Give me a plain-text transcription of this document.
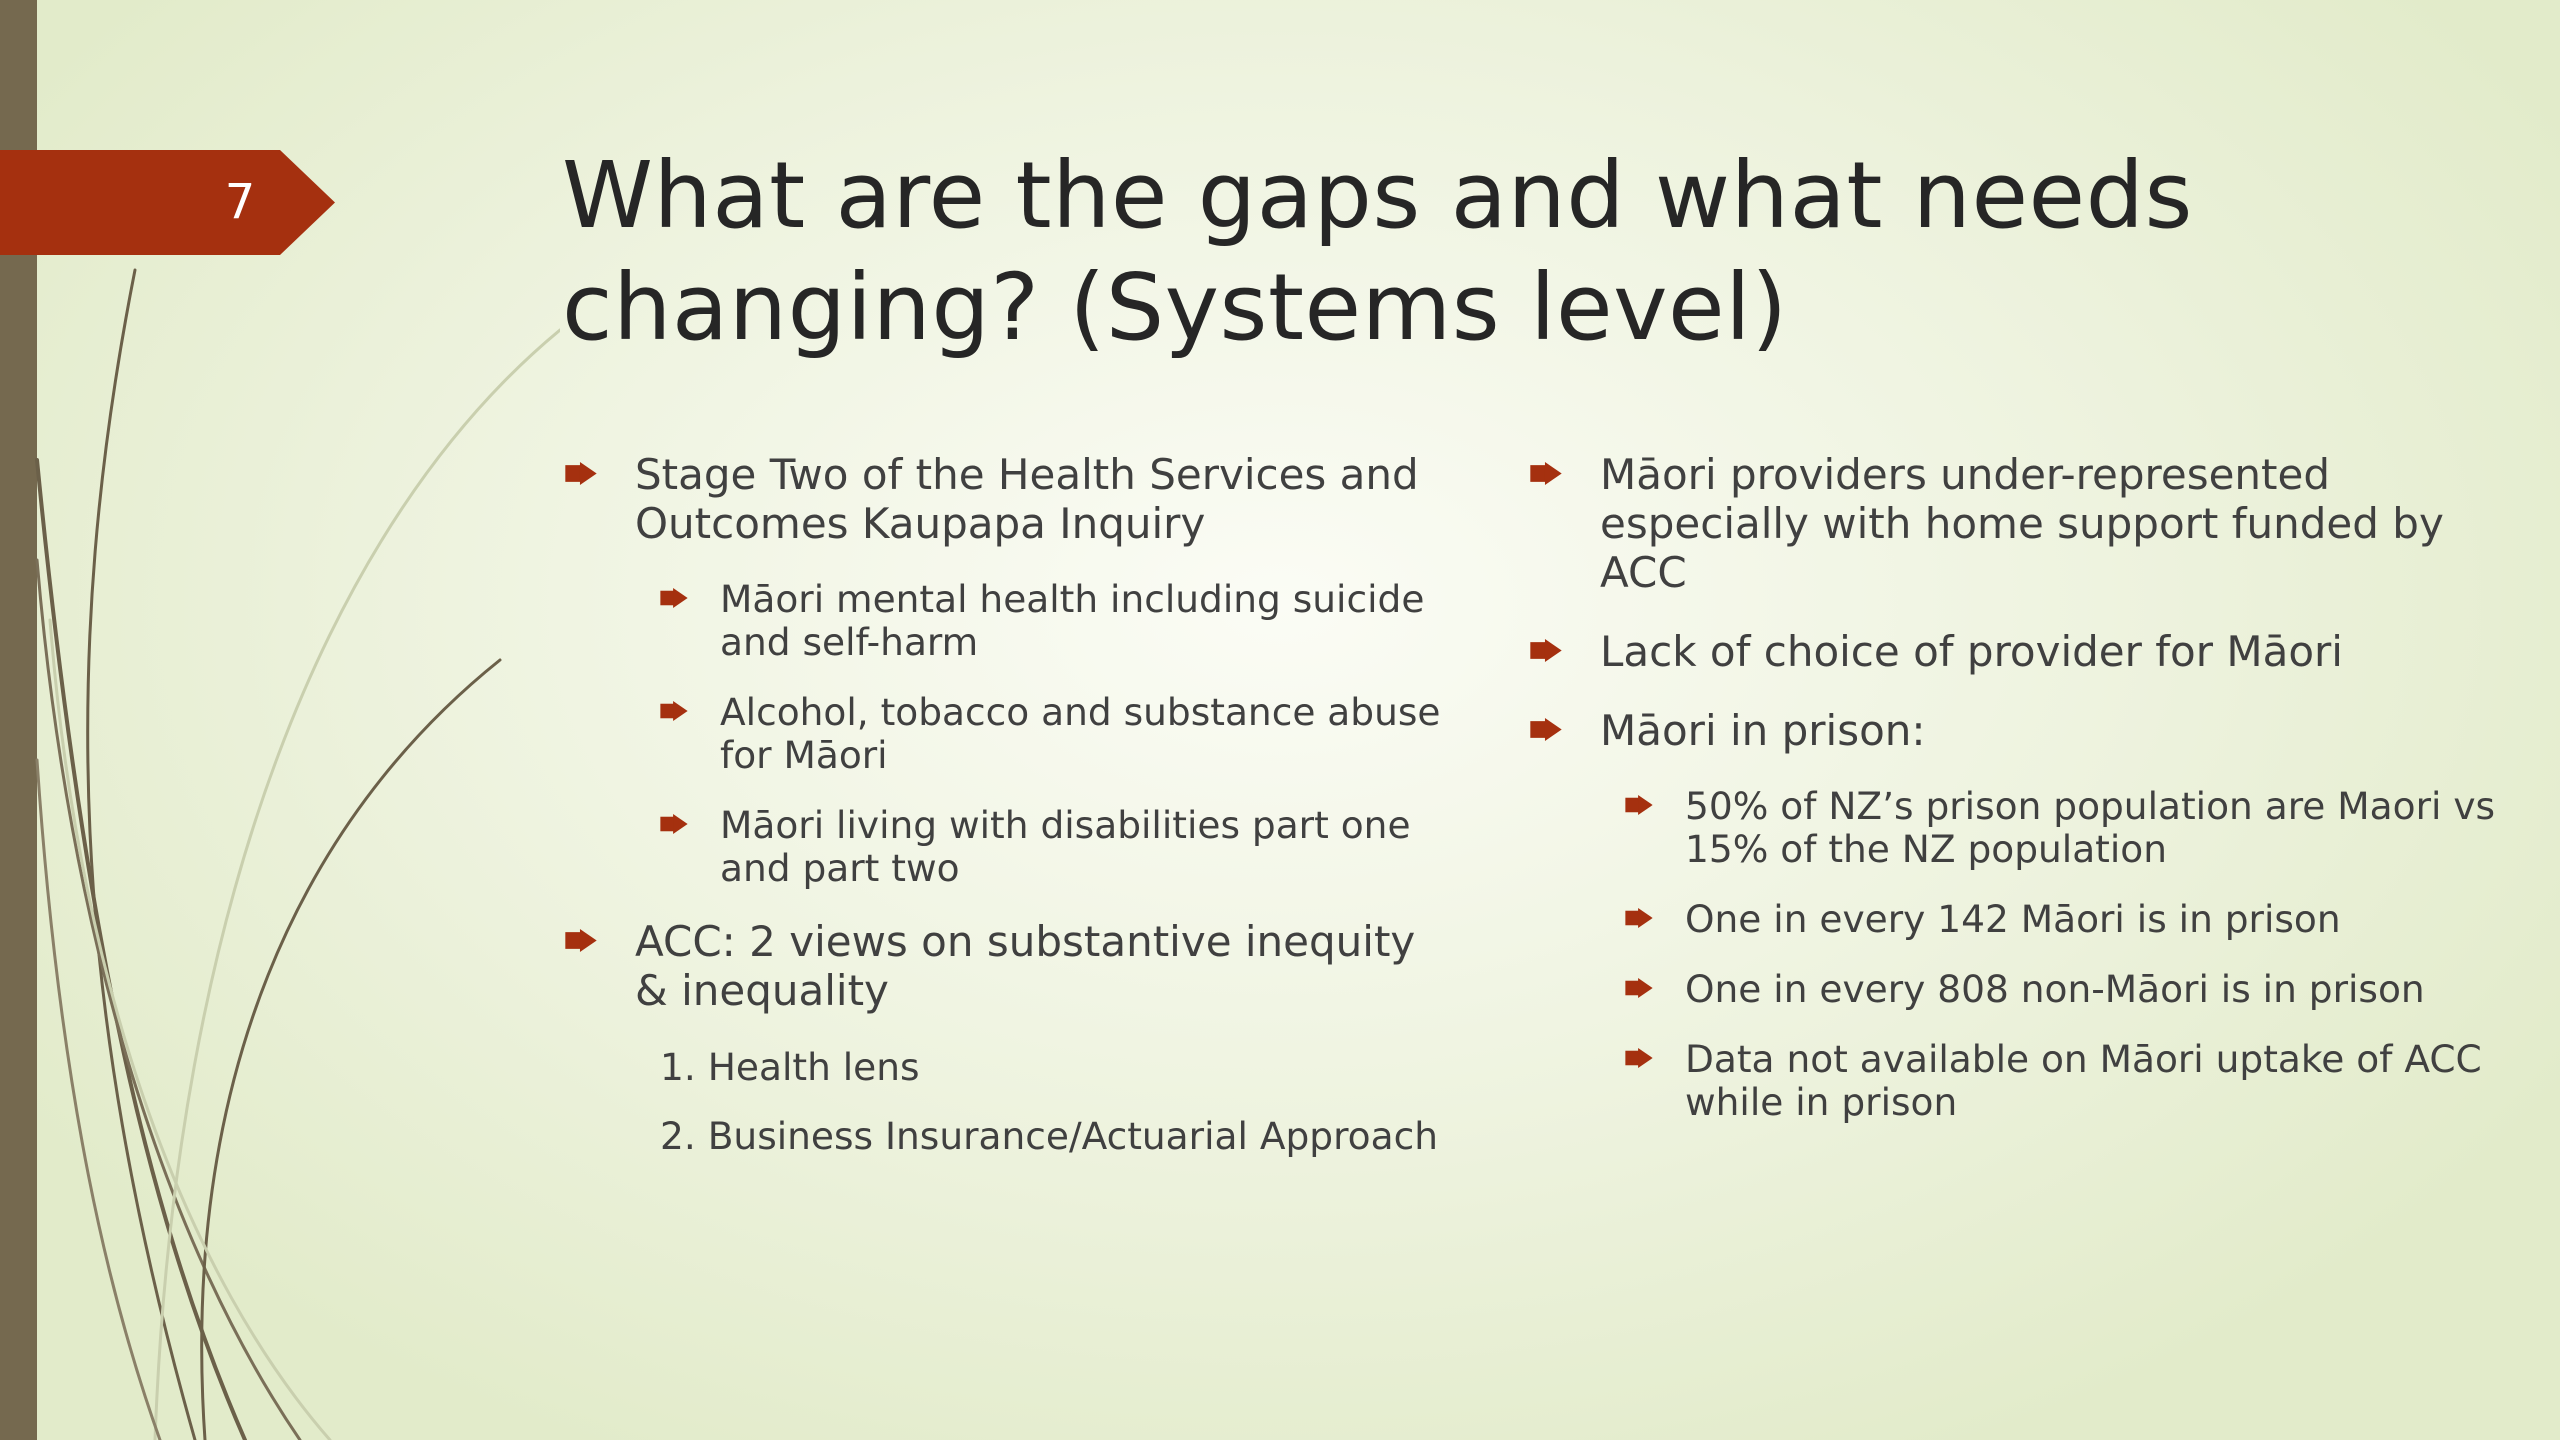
7	What are the gaps and what needs changing? (Systems level)
Stage Two of the Health Services and Outcomes Kaupapa Inquiry
Māori mental health including suicide and self-harm
Alcohol, tobacco and substance abuse for Māori
Māori living with disabilities part one and part two
ACC: 2 views on substantive inequity & inequality
1. Health lens
2. Business Insurance/Actuarial Approach
Māori providers under-represented especially with home support funded by ACC
Lack of choice of provider for Māori
Māori in prison:
50% of NZ’s prison population are Maori vs 15% of the NZ population
One in every 142 Māori is in prison
One in every 808 non-Māori is in prison
Data not available on Māori uptake of ACC while in prison
